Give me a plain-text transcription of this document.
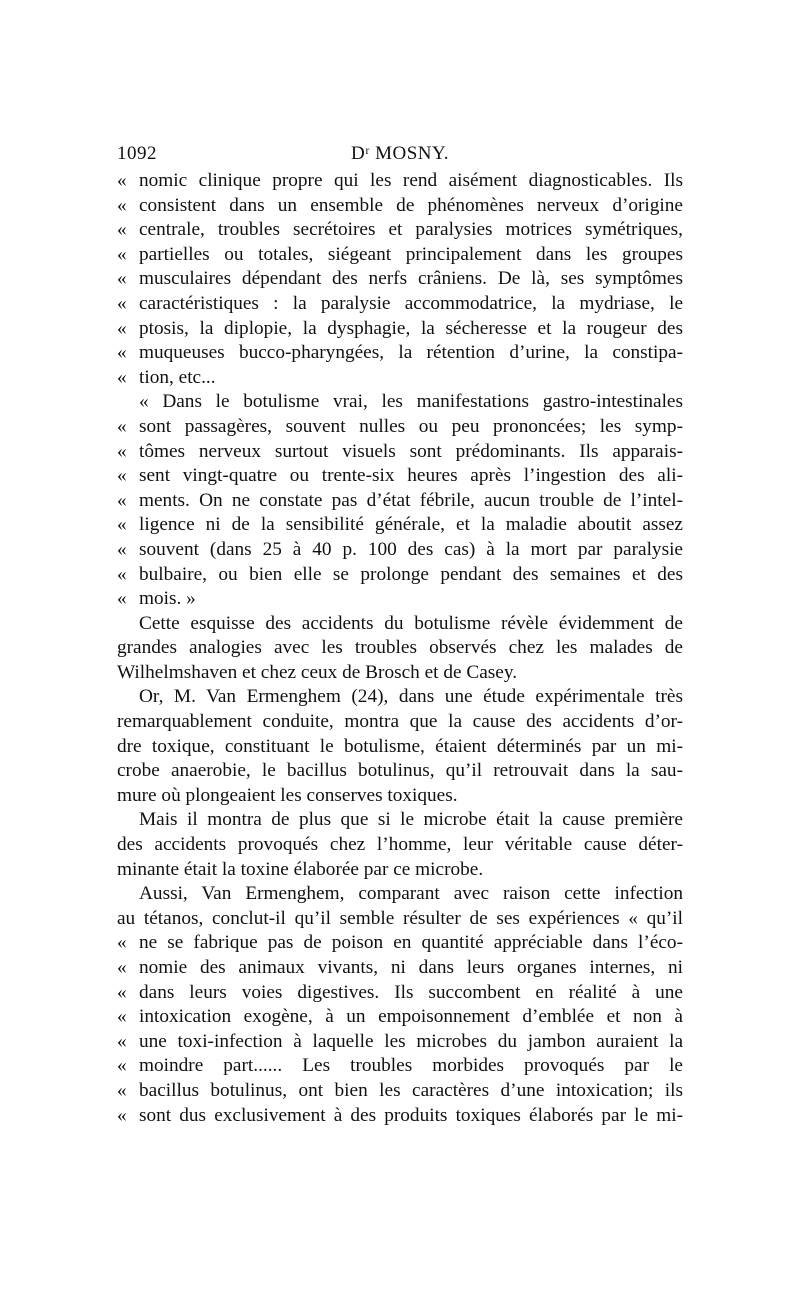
1092	Dʳ MOSNY.
« nomic clinique propre qui les rend aisément diagnosticables. Ils
« consistent dans un ensemble de phénomènes nerveux d’origine
« centrale, troubles secrétoires et paralysies motrices symétriques,
« partielles ou totales, siégeant principalement dans les groupes
« musculaires dépendant des nerfs crâniens. De là, ses symptômes
« caractéristiques : la paralysie accommodatrice, la mydriase, le
« ptosis, la diplopie, la dysphagie, la sécheresse et la rougeur des
« muqueuses bucco-pharyngées, la rétention d’urine, la constipa-
« tion, etc...
« Dans le botulisme vrai, les manifestations gastro-intestinales
« sont passagères, souvent nulles ou peu prononcées; les symp-
« tômes nerveux surtout visuels sont prédominants. Ils apparais-
« sent vingt-quatre ou trente-six heures après l’ingestion des ali-
« ments. On ne constate pas d’état fébrile, aucun trouble de l’intel-
« ligence ni de la sensibilité générale, et la maladie aboutit assez
« souvent (dans 25 à 40 p. 100 des cas) à la mort par paralysie
« bulbaire, ou bien elle se prolonge pendant des semaines et des
« mois. »
Cette esquisse des accidents du botulisme révèle évidemment de
grandes analogies avec les troubles observés chez les malades de
Wilhelmshaven et chez ceux de Brosch et de Casey.
Or, M. Van Ermenghem (24), dans une étude expérimentale très
remarquablement conduite, montra que la cause des accidents d’or-
dre toxique, constituant le botulisme, étaient déterminés par un mi-
crobe anaerobie, le bacillus botulinus, qu’il retrouvait dans la sau-
mure où plongeaient les conserves toxiques.
Mais il montra de plus que si le microbe était la cause première
des accidents provoqués chez l’homme, leur véritable cause déter-
minante était la toxine élaborée par ce microbe.
Aussi, Van Ermenghem, comparant avec raison cette infection
au tétanos, conclut-il qu’il semble résulter de ses expériences « qu’il
« ne se fabrique pas de poison en quantité appréciable dans l’éco-
« nomie des animaux vivants, ni dans leurs organes internes, ni
« dans leurs voies digestives. Ils succombent en réalité à une
« intoxication exogène, à un empoisonnement d’emblée et non à
« une toxi-infection à laquelle les microbes du jambon auraient la
« moindre part...... Les troubles morbides provoqués par le
« bacillus botulinus, ont bien les caractères d’une intoxication; ils
« sont dus exclusivement à des produits toxiques élaborés par le mi-
